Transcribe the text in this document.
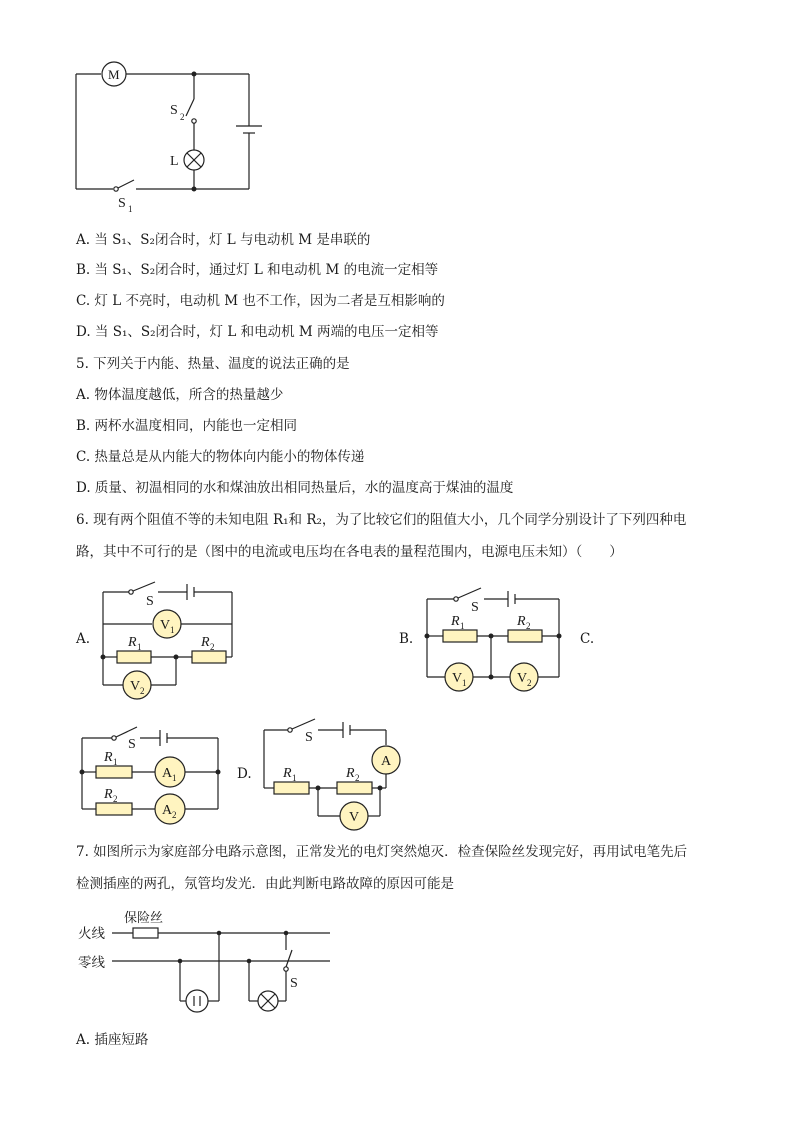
M
S 2
L
S 1
A. 当 S₁、S₂闭合时，灯 L 与电动机 M 是串联的
B. 当 S₁、S₂闭合时，通过灯 L 和电动机 M 的电流一定相等
C. 灯 L 不亮时，电动机 M 也不工作，因为二者是互相影响的
D. 当 S₁、S₂闭合时，灯 L 和电动机 M 两端的电压一定相等
5. 下列关于内能、热量、温度的说法正确的是
A. 物体温度越低，所含的热量越少
B. 两杯水温度相同，内能也一定相同
C. 热量总是从内能大的物体向内能小的物体传递
D. 质量、初温相同的水和煤油放出相同热量后，水的温度高于煤油的温度
6. 现有两个阻值不等的未知电阻 R₁和 R₂，为了比较它们的阻值大小，几个同学分别设计了下列四种电
路，其中不可行的是（图中的电流或电压均在各电表的量程范围内，电源电压未知）（　　）
A.	B.	C.
D.
S
V 1
R 1	R 2
V 2
S
R 1	R 2
V 1	V 2
S
R 1
A 1
R 2
A 2
S
A
R 1	R 2
V
7. 如图所示为家庭部分电路示意图，正常发光的电灯突然熄灭．检查保险丝发现完好，再用试电笔先后
检测插座的两孔，氖管均发光．由此判断电路故障的原因可能是
火线
零线
保险丝
S
A. 插座短路
